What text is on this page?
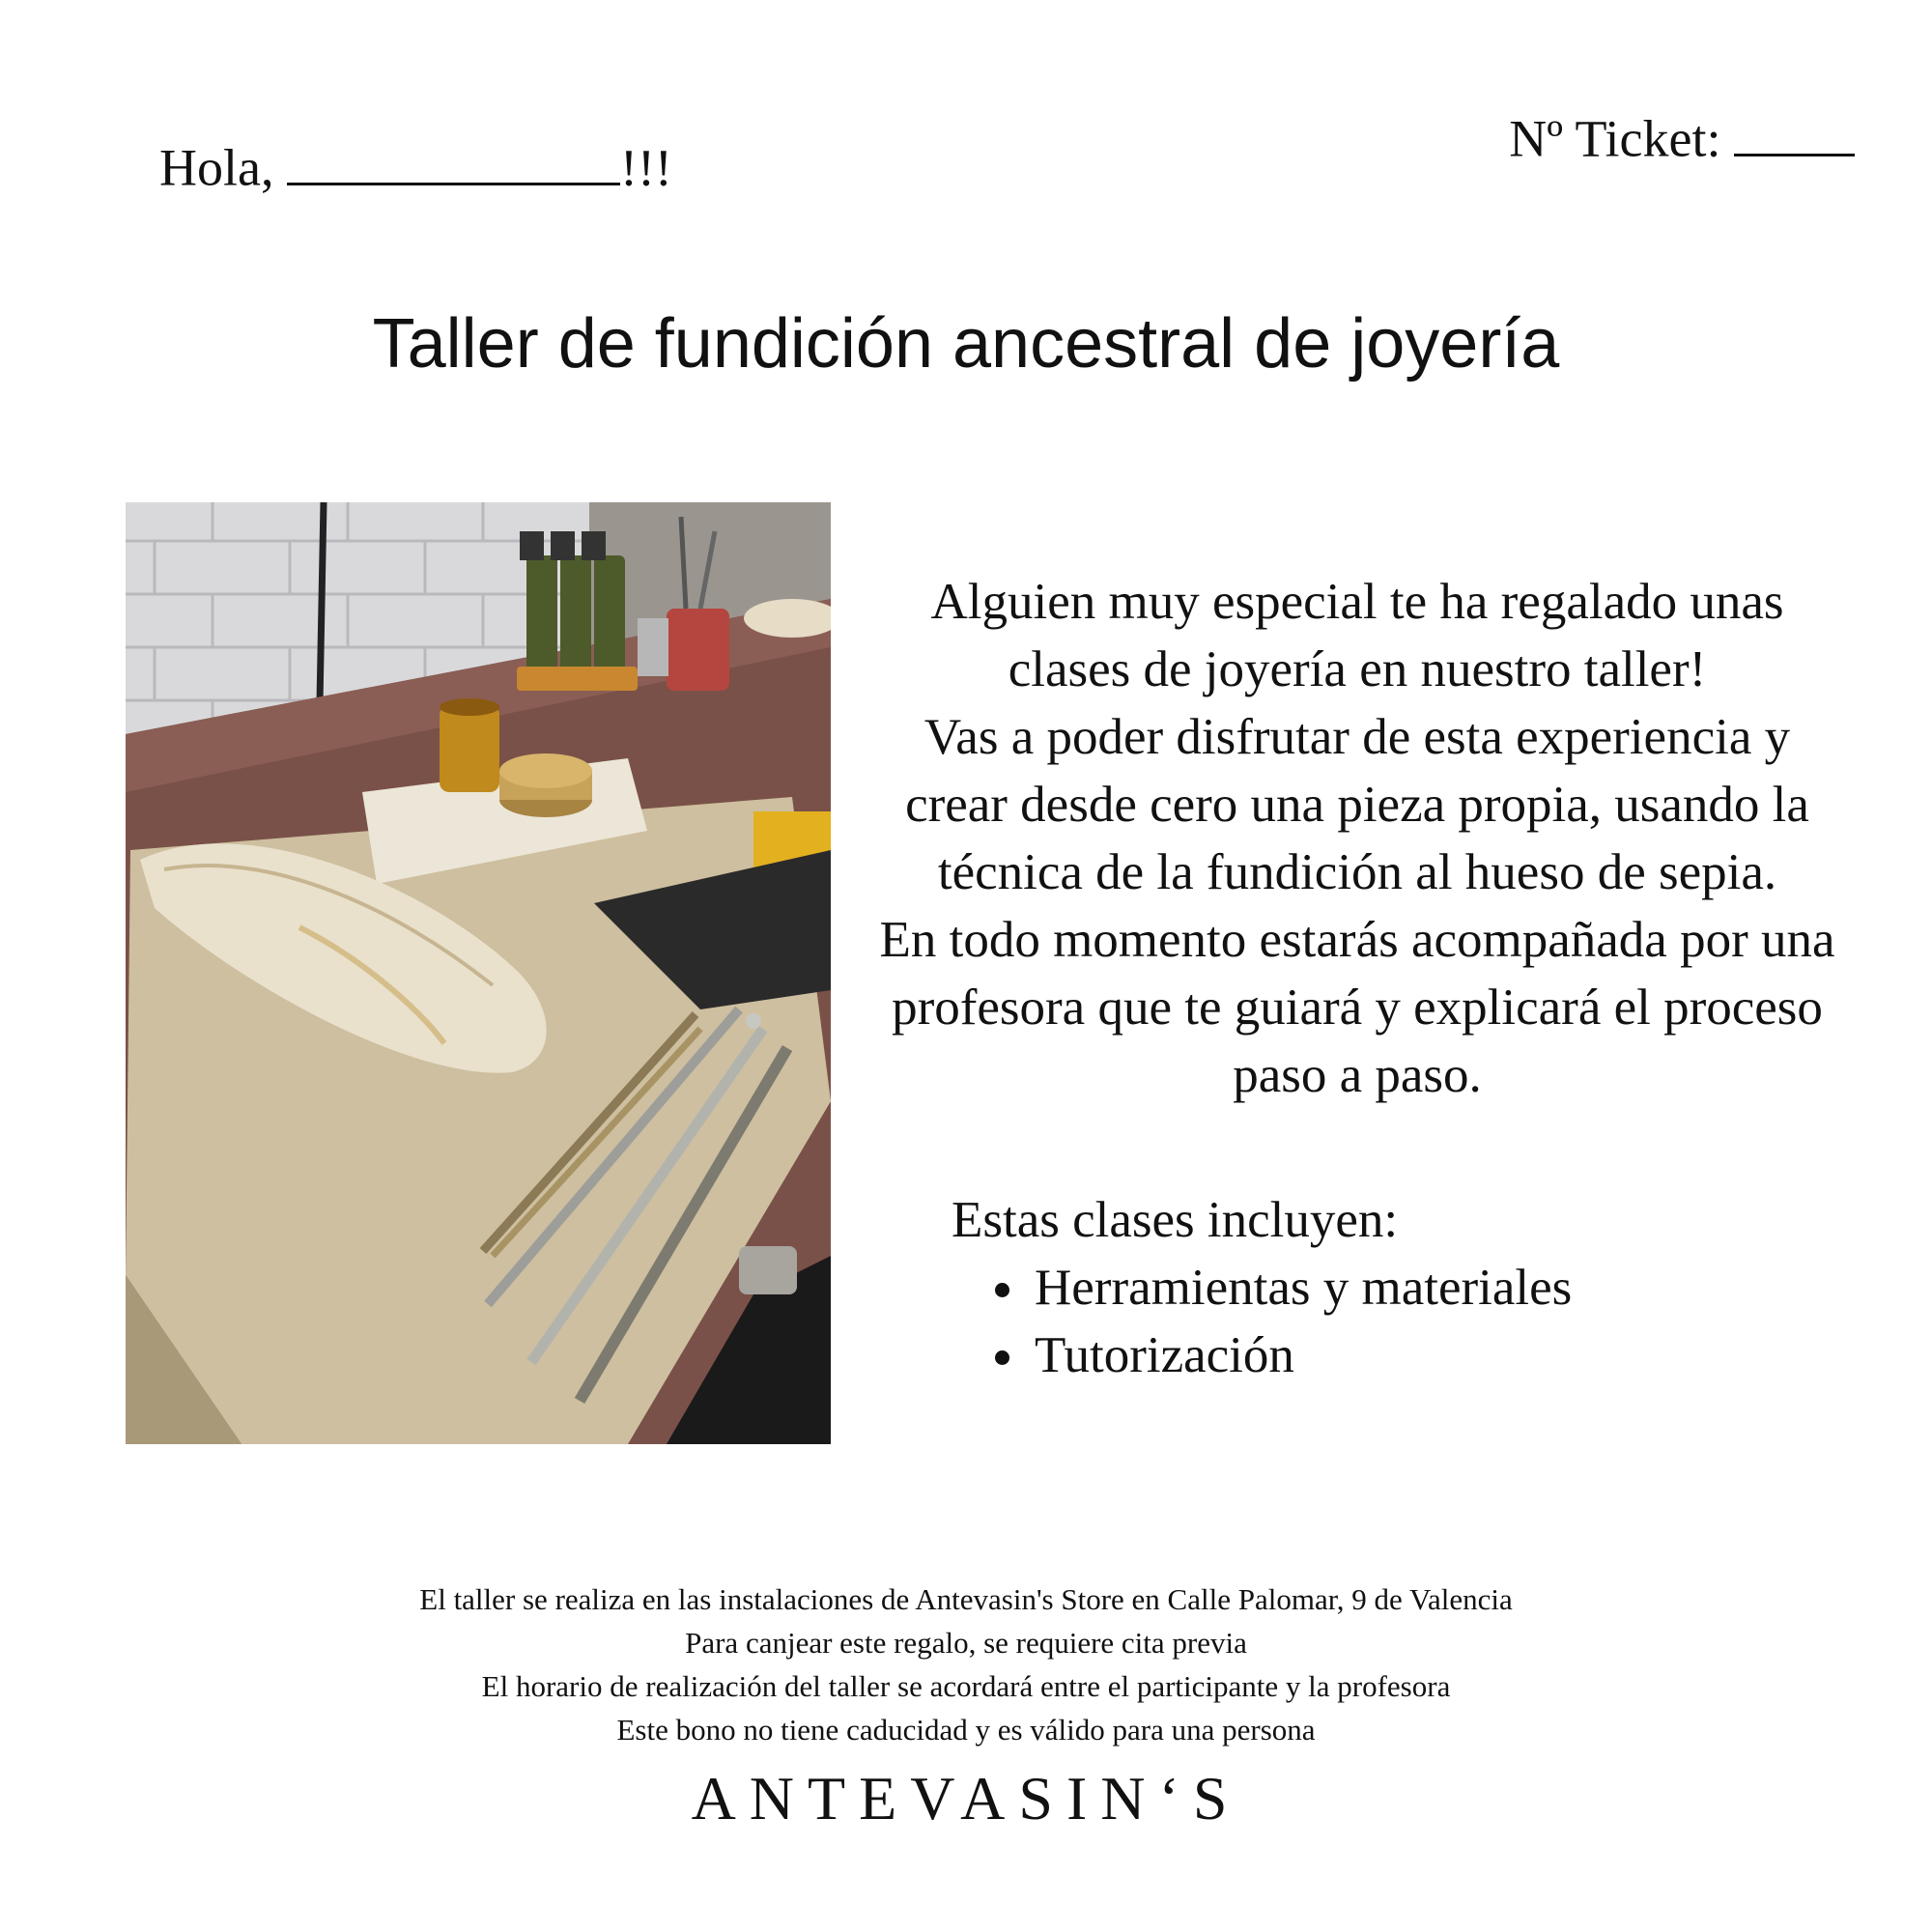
Hola,	!!!	Nº Ticket:
Taller de fundición ancestral de joyería

Alguien muy especial te ha regalado unas clases de joyería en nuestro taller!

Vas a poder disfrutar de esta experiencia y crear desde cero una pieza propia, usando la técnica de la fundición al hueso de sepia.

En todo momento estarás acompañada por una profesora que te guiará y explicará el proceso paso a paso.

Estas clases incluyen:
• Herramientas y materiales
• Tutorización

El taller se realiza en las instalaciones de Antevasin's Store en Calle Palomar, 9 de Valencia

Para canjear este regalo, se requiere cita previa

El horario de realización del taller se acordará entre el participante y la profesora

Este bono no tiene caducidad y es válido para una persona

ANTEVASIN‘S
